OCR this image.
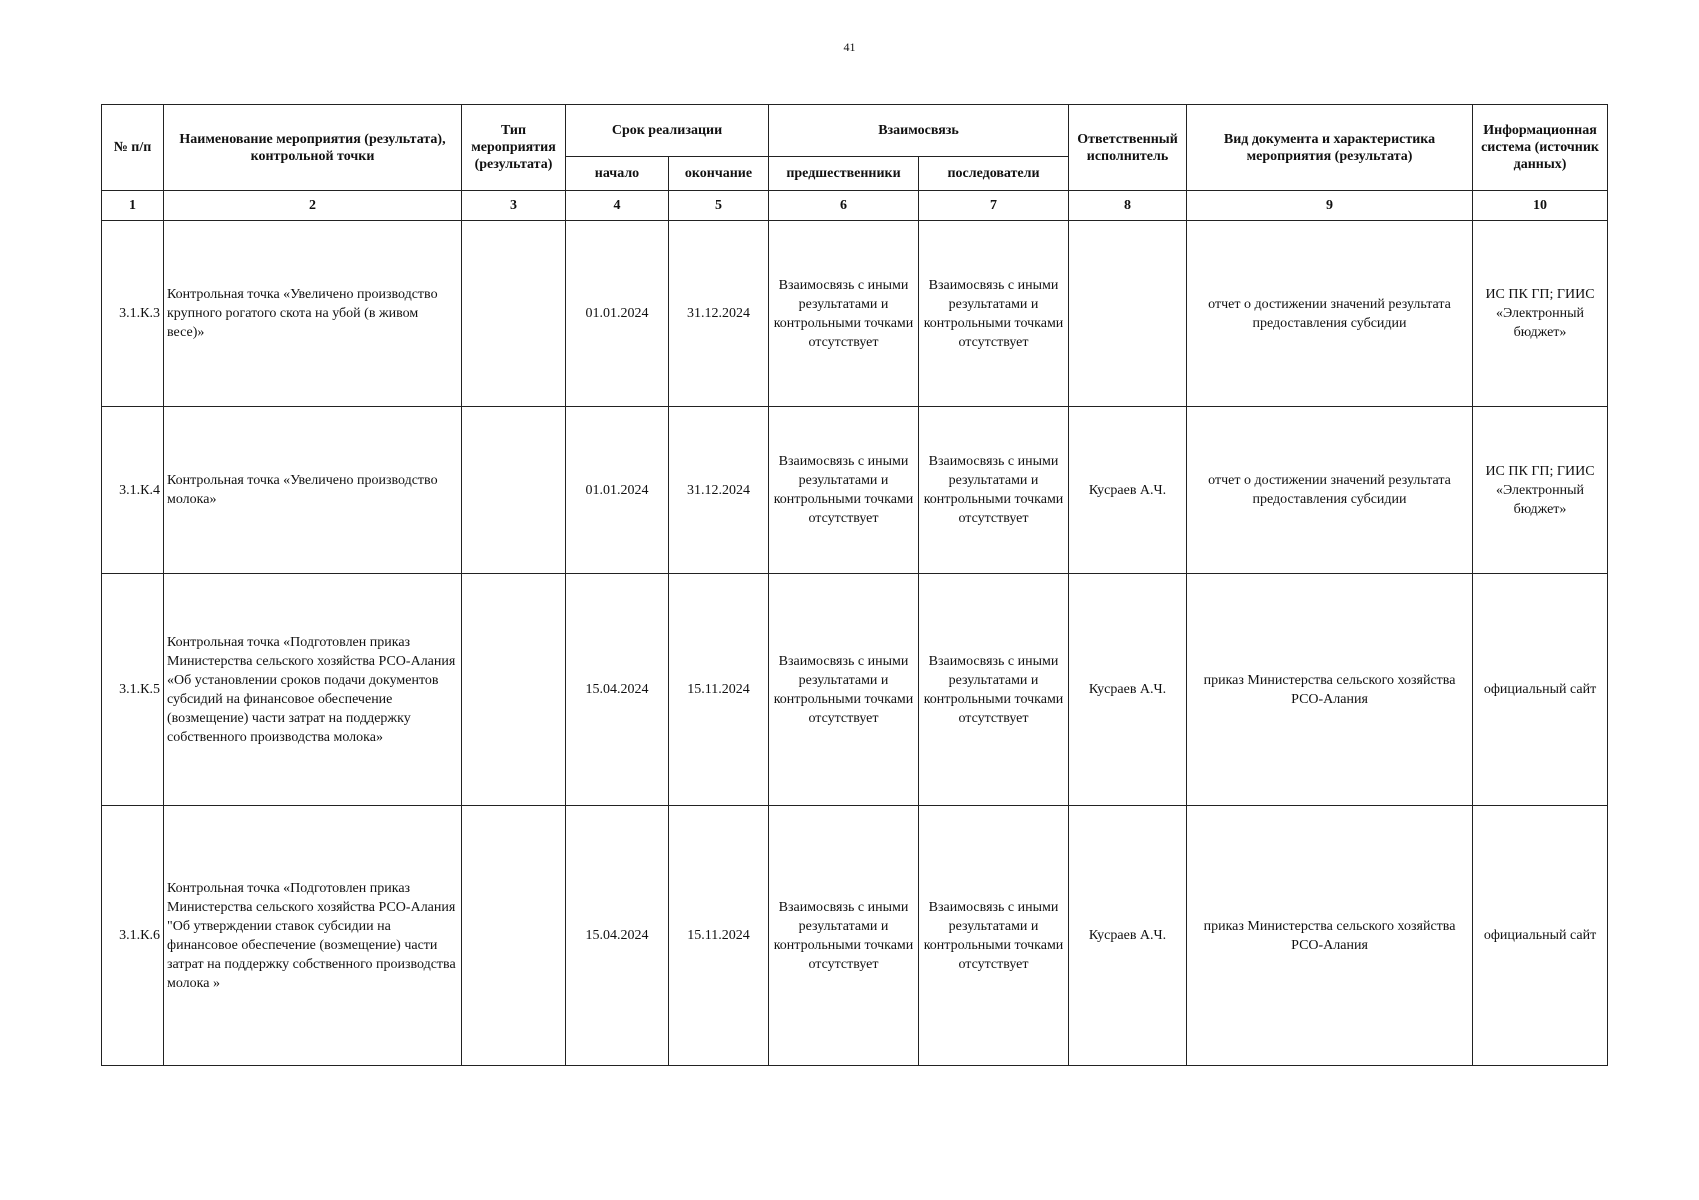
41
№ п/п	Наименование мероприятия (результата), контрольной точки	Тип мероприятия (результата)	Срок реализации		Взаимосвязь		Ответственный исполнитель	Вид документа и характеристика мероприятия (результата)	Информационная система (источник данных)
			начало	окончание	предшественники	последователи			
1	2	3	4	5	6	7	8	9	10
3.1.К.3	Контрольная точка «Увеличено производство крупного рогатого скота на убой (в живом весе)»		01.01.2024	31.12.2024	Взаимосвязь с иными результатами и контрольными точками отсутствует	Взаимосвязь с иными результатами и контрольными точками отсутствует		отчет о достижении значений результата предоставления субсидии	ИС ПК ГП; ГИИС «Электронный бюджет»
3.1.К.4	Контрольная точка «Увеличено производство молока»		01.01.2024	31.12.2024	Взаимосвязь с иными результатами и контрольными точками отсутствует	Взаимосвязь с иными результатами и контрольными точками отсутствует	Кусраев А.Ч.	отчет о достижении значений результата предоставления субсидии	ИС ПК ГП; ГИИС «Электронный бюджет»
3.1.К.5	Контрольная точка «Подготовлен приказ Министерства сельского хозяйства РСО-Алания «Об установлении сроков подачи документов субсидий на финансовое обеспечение (возмещение) части затрат на поддержку собственного производства молока»		15.04.2024	15.11.2024	Взаимосвязь с иными результатами и контрольными точками отсутствует	Взаимосвязь с иными результатами и контрольными точками отсутствует	Кусраев А.Ч.	приказ Министерства сельского хозяйства РСО-Алания	официальный сайт
3.1.К.6	Контрольная точка «Подготовлен приказ Министерства сельского хозяйства РСО-Алания "Об утверждении ставок субсидии на финансовое обеспечение (возмещение) части затрат на поддержку собственного производства молока »		15.04.2024	15.11.2024	Взаимосвязь с иными результатами и контрольными точками отсутствует	Взаимосвязь с иными результатами и контрольными точками отсутствует	Кусраев А.Ч.	приказ Министерства сельского хозяйства РСО-Алания	официальный сайт
